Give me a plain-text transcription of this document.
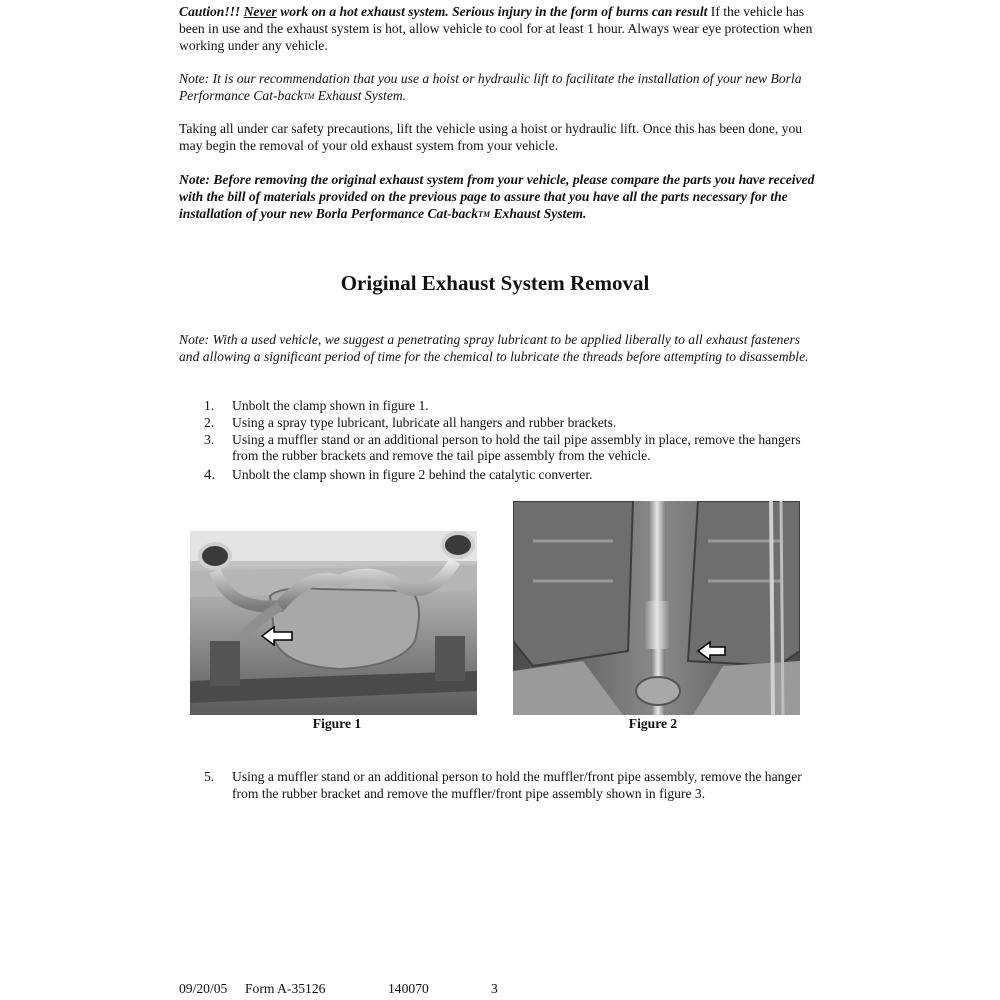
Caution!!! Never work on a hot exhaust system. Serious injury in the form of burns can result If the vehicle has been in use and the exhaust system is hot, allow vehicle to cool for at least 1 hour. Always wear eye protection when working under any vehicle.

Note: It is our recommendation that you use a hoist or hydraulic lift to facilitate the installation of your new Borla Performance Cat-backTM Exhaust System.

Taking all under car safety precautions, lift the vehicle using a hoist or hydraulic lift. Once this has been done, you may begin the removal of your old exhaust system from your vehicle.

Note: Before removing the original exhaust system from your vehicle, please compare the parts you have received with the bill of materials provided on the previous page to assure that you have all the parts necessary for the installation of your new Borla Performance Cat-backTM Exhaust System.

Original Exhaust System Removal

Note: With a used vehicle, we suggest a penetrating spray lubricant to be applied liberally to all exhaust fasteners and allowing a significant period of time for the chemical to lubricate the threads before attempting to disassemble.

1. Unbolt the clamp shown in figure 1.
2. Using a spray type lubricant, lubricate all hangers and rubber brackets.
3. Using a muffler stand or an additional person to hold the tail pipe assembly in place, remove the hangers from the rubber brackets and remove the tail pipe assembly from the vehicle.
4. Unbolt the clamp shown in figure 2 behind the catalytic converter.
Figure 1	Figure 2
5. Using a muffler stand or an additional person to hold the muffler/front pipe assembly, remove the hanger from the rubber bracket and remove the muffler/front pipe assembly shown in figure 3.
09/20/05 Form A-35126	140070	3
